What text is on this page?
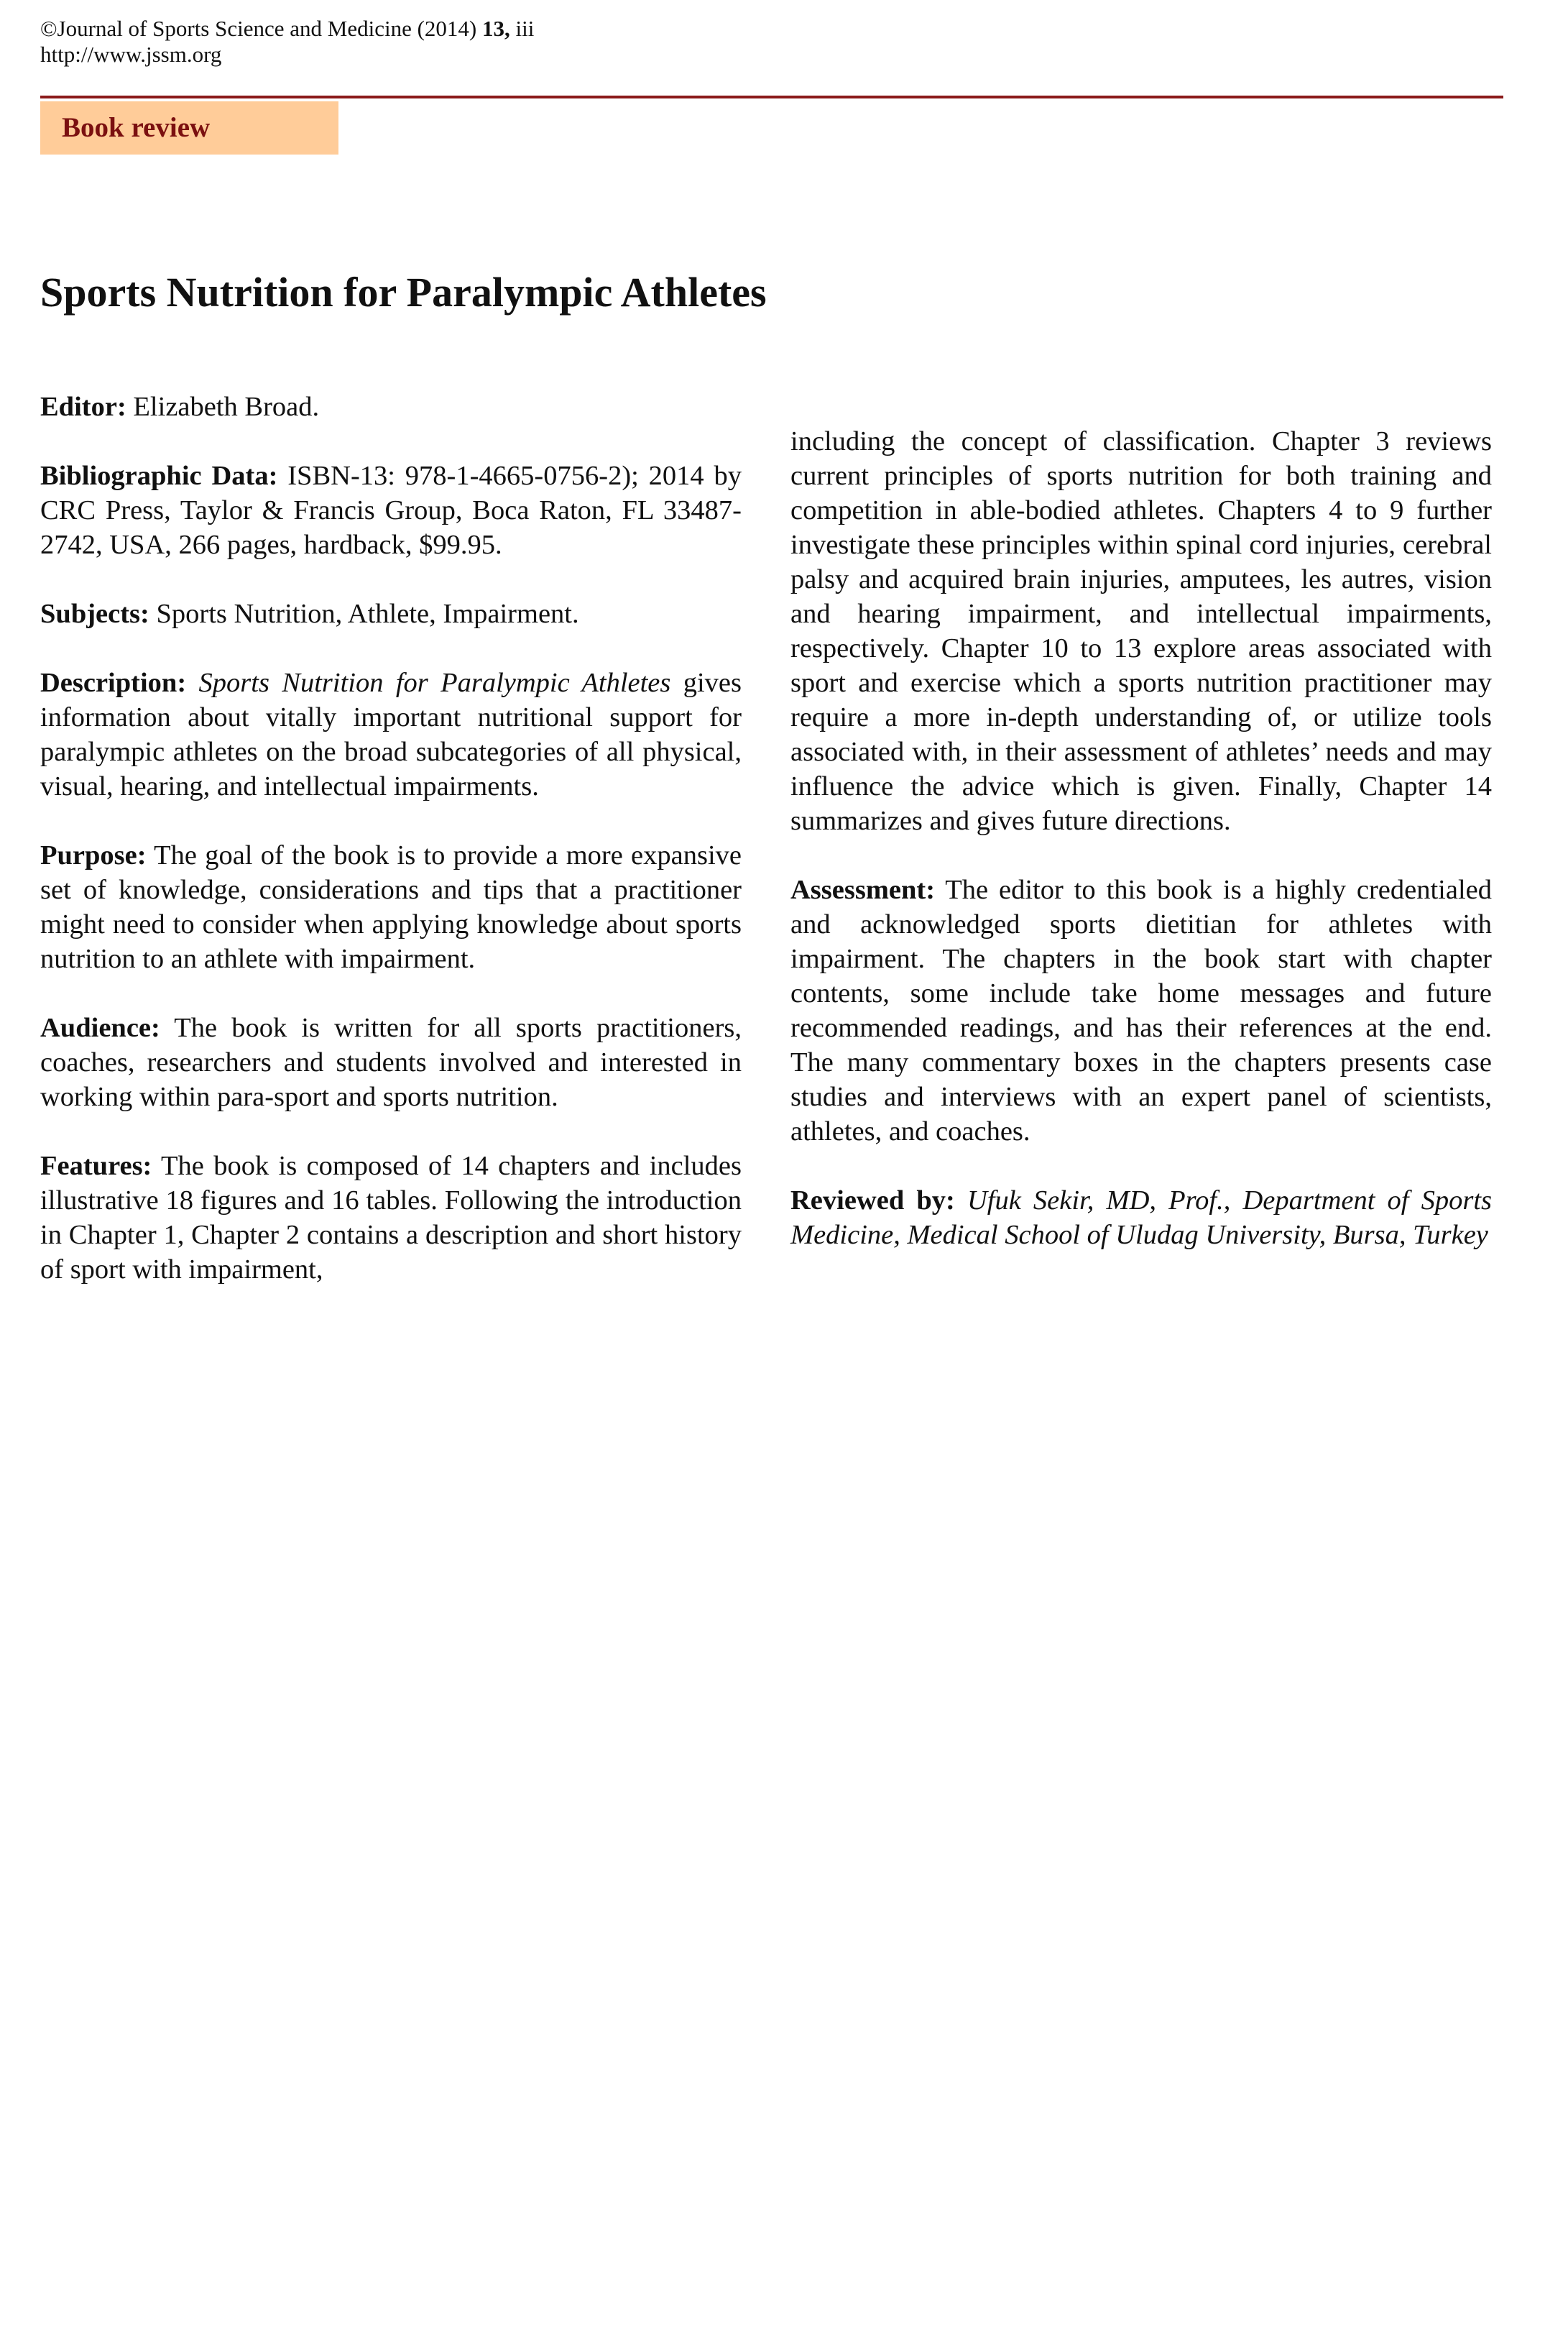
©Journal of Sports Science and Medicine (2014) 13, iii
http://www.jssm.org
Book review
Sports Nutrition for Paralympic Athletes

Editor: Elizabeth Broad.

Bibliographic Data: ISBN-13: 978-1-4665-0756-2); 2014 by CRC Press, Taylor & Francis Group, Boca Raton, FL 33487-2742, USA, 266 pages, hardback, $99.95.

Subjects: Sports Nutrition, Athlete, Impairment.

Description: Sports Nutrition for Paralympic Athletes gives information about vitally important nutritional support for paralympic athletes on the broad subcategories of all physical, visual, hearing, and intellectual impairments.

Purpose: The goal of the book is to provide a more expansive set of knowledge, considerations and tips that a practitioner might need to consider when applying knowledge about sports nutrition to an athlete with impairment.

Audience: The book is written for all sports practitioners, coaches, researchers and students involved and interested in working within para-sport and sports nutrition.

Features: The book is composed of 14 chapters and includes illustrative 18 figures and 16 tables. Following the introduction in Chapter 1, Chapter 2 contains a description and short history of sport with impairment,

including the concept of classification. Chapter 3 reviews current principles of sports nutrition for both training and competition in able-bodied athletes. Chapters 4 to 9 further investigate these principles within spinal cord injuries, cerebral palsy and acquired brain injuries, amputees, les autres, vision and hearing impairment, and intellectual impairments, respectively. Chapter 10 to 13 explore areas associated with sport and exercise which a sports nutrition practitioner may require a more in-depth understanding of, or utilize tools associated with, in their assessment of athletes’ needs and may influence the advice which is given. Finally, Chapter 14 summarizes and gives future directions.

Assessment: The editor to this book is a highly credentialed and acknowledged sports dietitian for athletes with impairment. The chapters in the book start with chapter contents, some include take home messages and future recommended readings, and has their references at the end. The many commentary boxes in the chapters presents case studies and interviews with an expert panel of scientists, athletes, and coaches.

Reviewed by: Ufuk Sekir, MD, Prof., Department of Sports Medicine, Medical School of Uludag University, Bursa, Turkey
